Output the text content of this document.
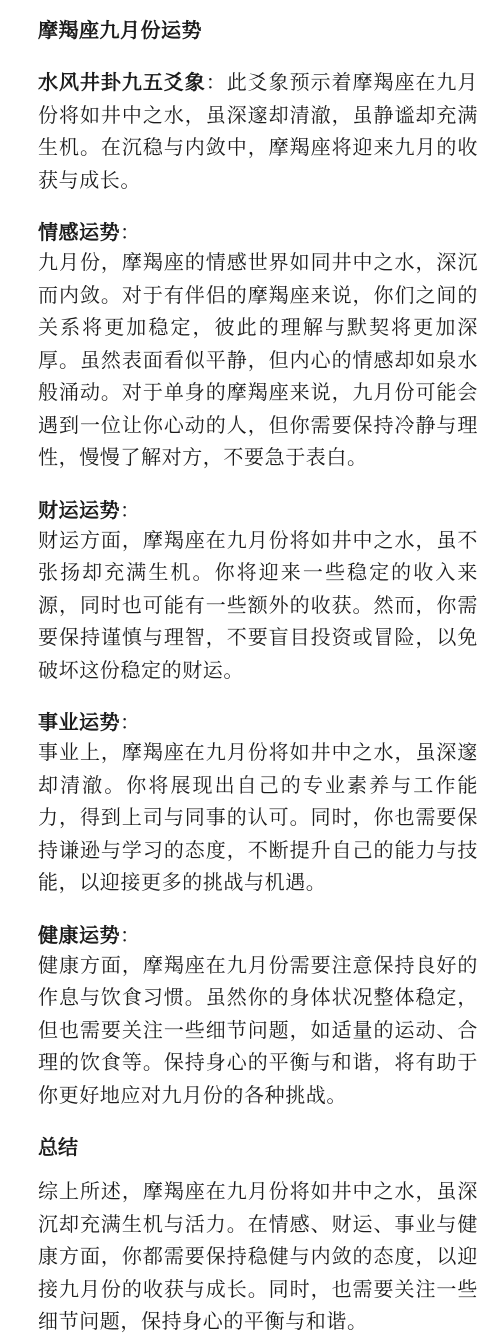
摩羯座九月份运势

水风井卦九五爻象：此爻象预示着摩羯座在九月份将如井中之水，虽深邃却清澈，虽静谧却充满生机。在沉稳与内敛中，摩羯座将迎来九月的收获与成长。

情感运势：

九月份，摩羯座的情感世界如同井中之水，深沉而内敛。对于有伴侣的摩羯座来说，你们之间的关系将更加稳定，彼此的理解与默契将更加深厚。虽然表面看似平静，但内心的情感却如泉水般涌动。对于单身的摩羯座来说，九月份可能会遇到一位让你心动的人，但你需要保持冷静与理性，慢慢了解对方，不要急于表白。

财运运势：

财运方面，摩羯座在九月份将如井中之水，虽不张扬却充满生机。你将迎来一些稳定的收入来源，同时也可能有一些额外的收获。然而，你需要保持谨慎与理智，不要盲目投资或冒险，以免破坏这份稳定的财运。

事业运势：

事业上，摩羯座在九月份将如井中之水，虽深邃却清澈。你将展现出自己的专业素养与工作能力，得到上司与同事的认可。同时，你也需要保持谦逊与学习的态度，不断提升自己的能力与技能，以迎接更多的挑战与机遇。

健康运势：

健康方面，摩羯座在九月份需要注意保持良好的作息与饮食习惯。虽然你的身体状况整体稳定，但也需要关注一些细节问题，如适量的运动、合理的饮食等。保持身心的平衡与和谐，将有助于你更好地应对九月份的各种挑战。

总结

综上所述，摩羯座在九月份将如井中之水，虽深沉却充满生机与活力。在情感、财运、事业与健康方面，你都需要保持稳健与内敛的态度，以迎接九月份的收获与成长。同时，也需要关注一些细节问题，保持身心的平衡与和谐。
